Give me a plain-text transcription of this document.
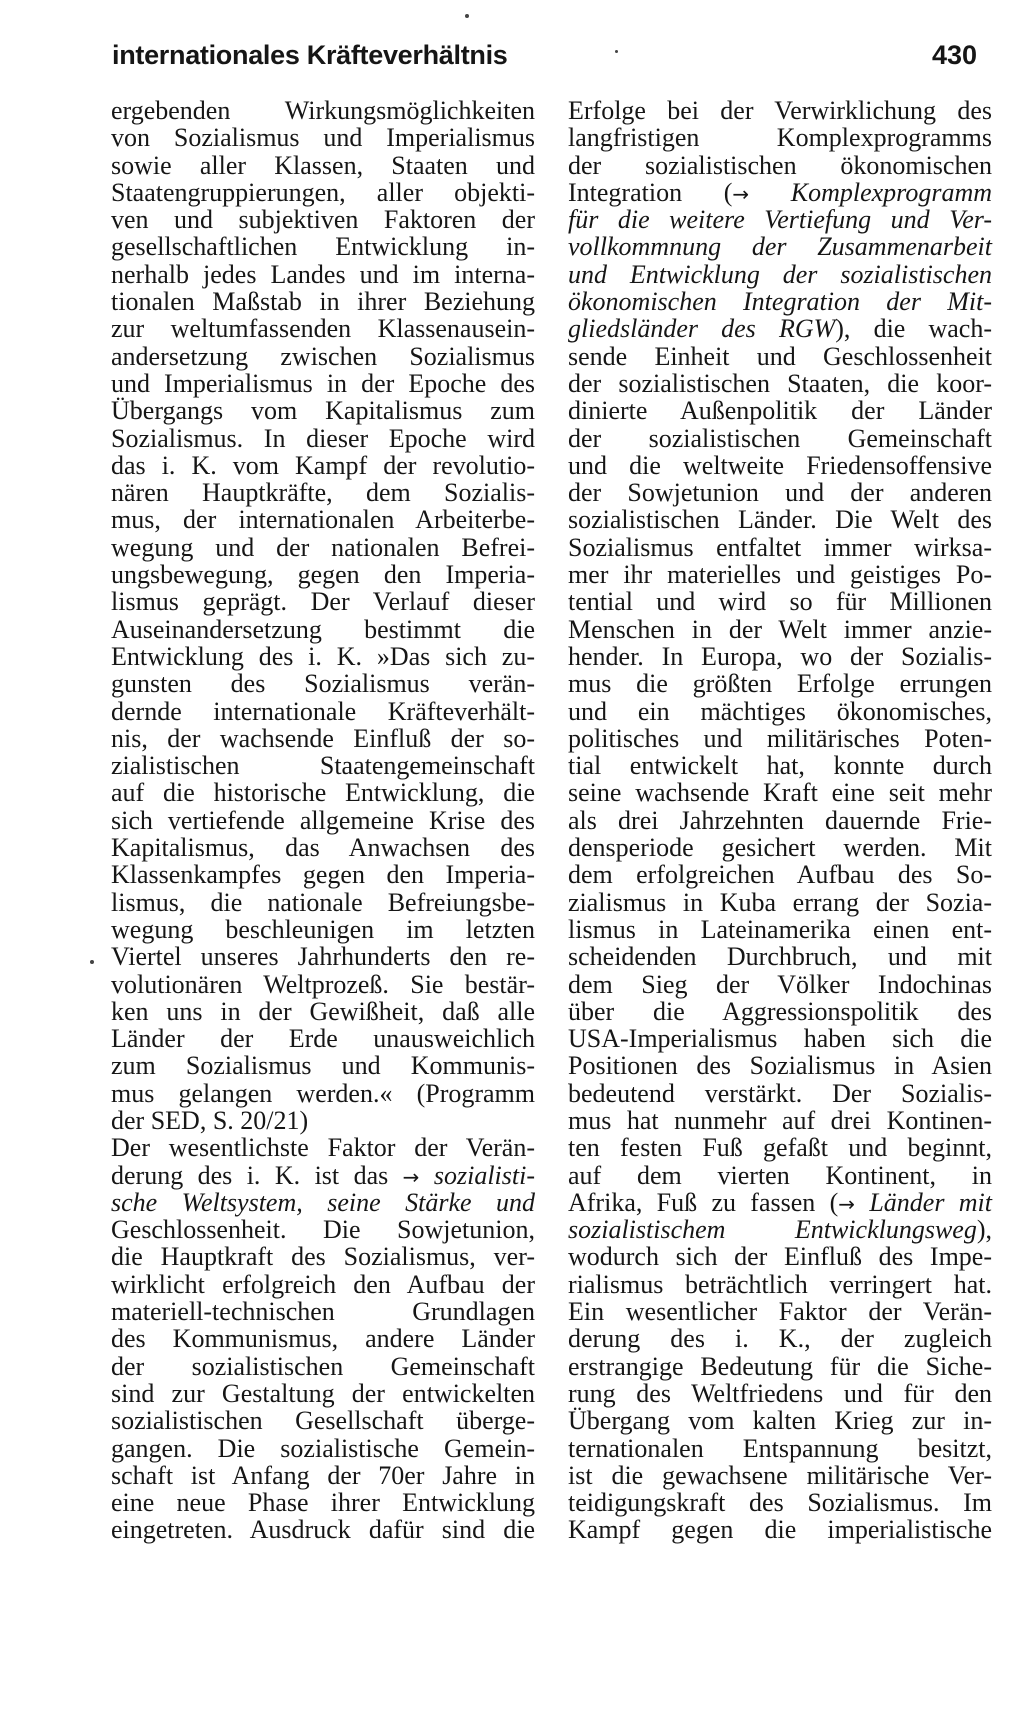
internationales Kräfteverhältnis	430
ergebenden Wirkungsmöglichkeiten
von Sozialismus und Imperialismus
sowie aller Klassen, Staaten und
Staatengruppierungen, aller objekti-
ven und subjektiven Faktoren der
gesellschaftlichen Entwicklung in-
nerhalb jedes Landes und im interna-
tionalen Maßstab in ihrer Beziehung
zur weltumfassenden Klassenausein-
andersetzung zwischen Sozialismus
und Imperialismus in der Epoche des
Übergangs vom Kapitalismus zum
Sozialismus. In dieser Epoche wird
das i. K. vom Kampf der revolutio-
nären Hauptkräfte, dem Sozialis-
mus, der internationalen Arbeiterbe-
wegung und der nationalen Befrei-
ungsbewegung, gegen den Imperia-
lismus geprägt. Der Verlauf dieser
Auseinandersetzung bestimmt die
Entwicklung des i. K. »Das sich zu-
gunsten des Sozialismus verän-
dernde internationale Kräfteverhält-
nis, der wachsende Einfluß der so-
zialistischen Staatengemeinschaft
auf die historische Entwicklung, die
sich vertiefende allgemeine Krise des
Kapitalismus, das Anwachsen des
Klassenkampfes gegen den Imperia-
lismus, die nationale Befreiungsbe-
wegung beschleunigen im letzten
Viertel unseres Jahrhunderts den re-
volutionären Weltprozeß. Sie bestär-
ken uns in der Gewißheit, daß alle
Länder der Erde unausweichlich
zum Sozialismus und Kommunis-
mus gelangen werden.« (Programm
der SED, S. 20/21)
Der wesentlichste Faktor der Verän-
derung des i. K. ist das → sozialisti-
sche Weltsystem, seine Stärke und
Geschlossenheit. Die Sowjetunion,
die Hauptkraft des Sozialismus, ver-
wirklicht erfolgreich den Aufbau der
materiell-technischen Grundlagen
des Kommunismus, andere Länder
der sozialistischen Gemeinschaft
sind zur Gestaltung der entwickelten
sozialistischen Gesellschaft überge-
gangen. Die sozialistische Gemein-
schaft ist Anfang der 70er Jahre in
eine neue Phase ihrer Entwicklung
eingetreten. Ausdruck dafür sind die
Erfolge bei der Verwirklichung des
langfristigen Komplexprogramms
der sozialistischen ökonomischen
Integration (→ Komplexprogramm
für die weitere Vertiefung und Ver-
vollkommnung der Zusammenarbeit
und Entwicklung der sozialistischen
ökonomischen Integration der Mit-
gliedsländer des RGW), die wach-
sende Einheit und Geschlossenheit
der sozialistischen Staaten, die koor-
dinierte Außenpolitik der Länder
der sozialistischen Gemeinschaft
und die weltweite Friedensoffensive
der Sowjetunion und der anderen
sozialistischen Länder. Die Welt des
Sozialismus entfaltet immer wirksa-
mer ihr materielles und geistiges Po-
tential und wird so für Millionen
Menschen in der Welt immer anzie-
hender. In Europa, wo der Sozialis-
mus die größten Erfolge errungen
und ein mächtiges ökonomisches,
politisches und militärisches Poten-
tial entwickelt hat, konnte durch
seine wachsende Kraft eine seit mehr
als drei Jahrzehnten dauernde Frie-
densperiode gesichert werden. Mit
dem erfolgreichen Aufbau des So-
zialismus in Kuba errang der Sozia-
lismus in Lateinamerika einen ent-
scheidenden Durchbruch, und mit
dem Sieg der Völker Indochinas
über die Aggressionspolitik des
USA-Imperialismus haben sich die
Positionen des Sozialismus in Asien
bedeutend verstärkt. Der Sozialis-
mus hat nunmehr auf drei Kontinen-
ten festen Fuß gefaßt und beginnt,
auf dem vierten Kontinent, in
Afrika, Fuß zu fassen (→ Länder mit
sozialistischem Entwicklungsweg),
wodurch sich der Einfluß des Impe-
rialismus beträchtlich verringert hat.
Ein wesentlicher Faktor der Verän-
derung des i. K., der zugleich
erstrangige Bedeutung für die Siche-
rung des Weltfriedens und für den
Übergang vom kalten Krieg zur in-
ternationalen Entspannung besitzt,
ist die gewachsene militärische Ver-
teidigungskraft des Sozialismus. Im
Kampf gegen die imperialistische
